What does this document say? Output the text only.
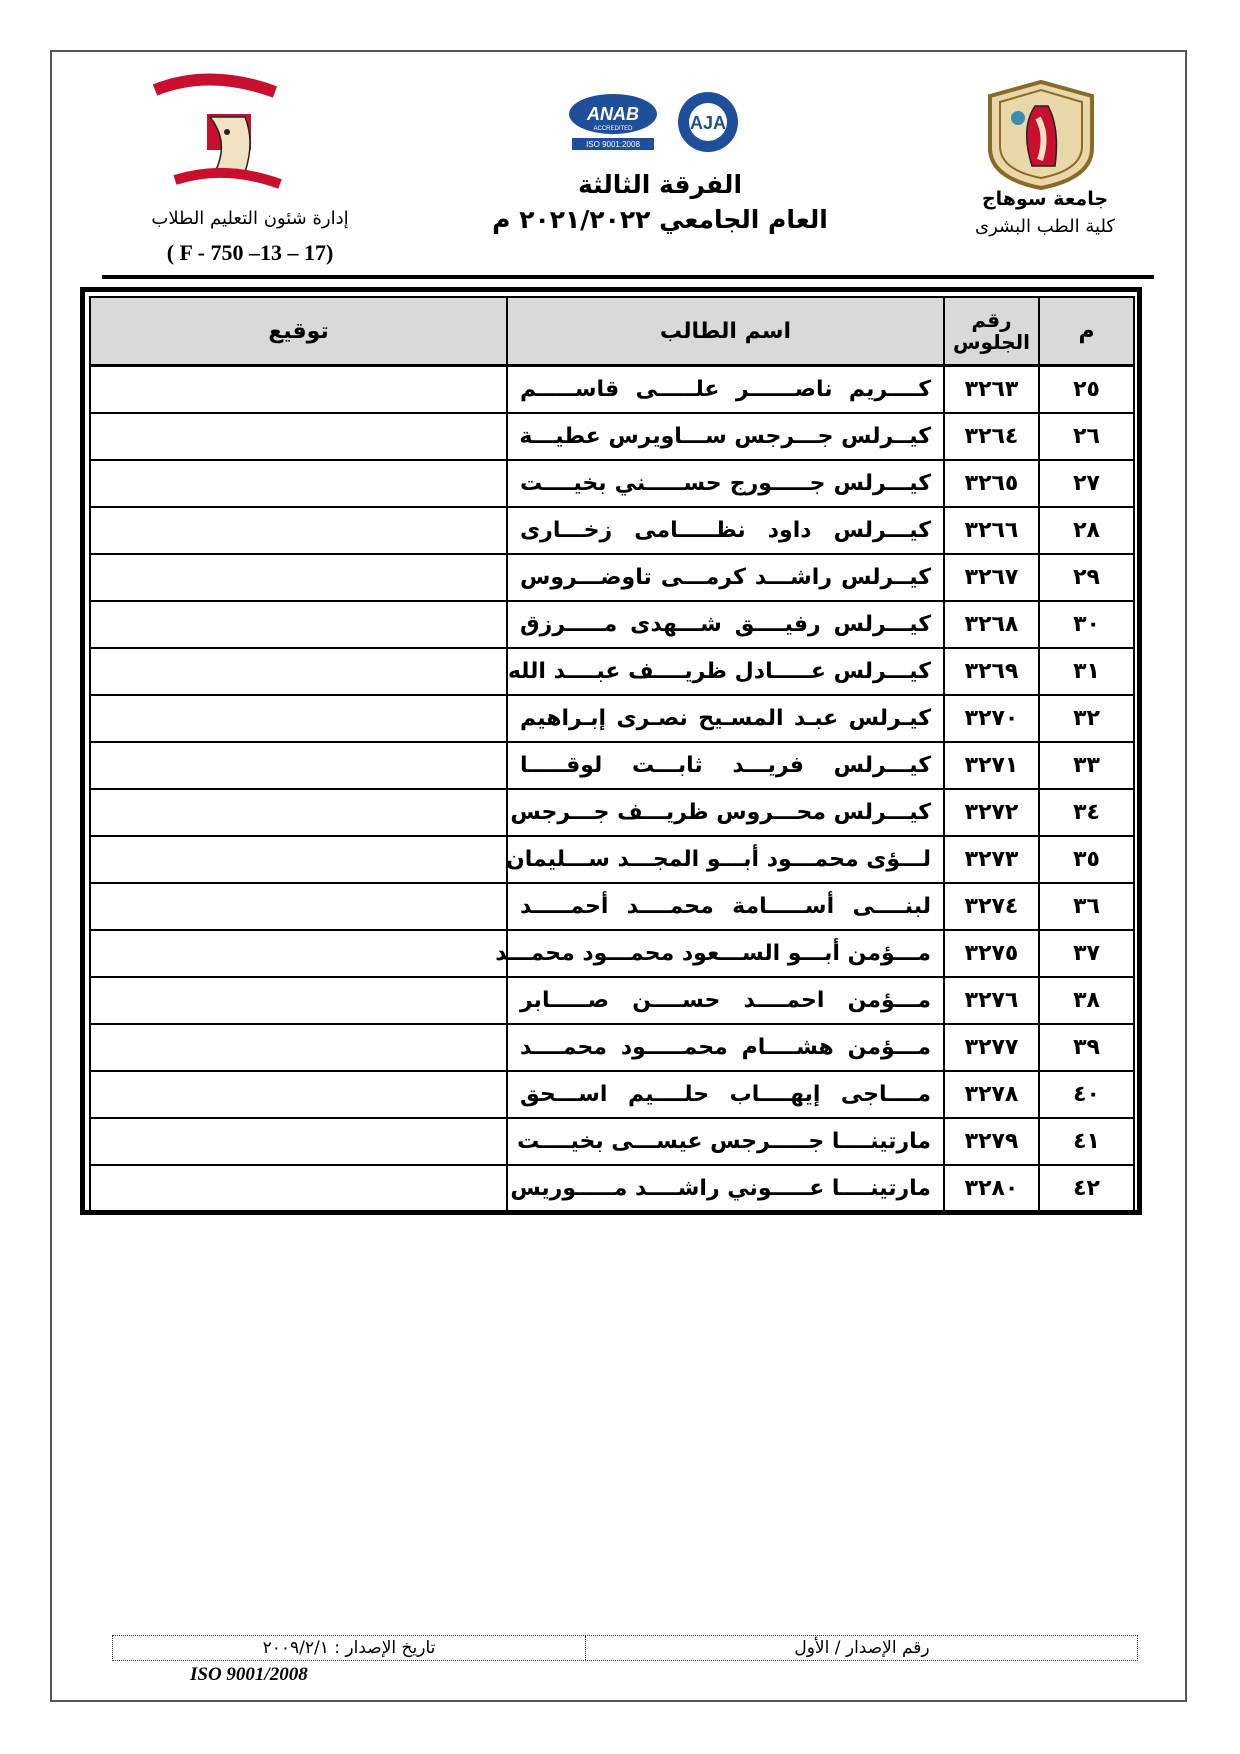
ANAB
ACCREDITED
ISO 9001:2008
AJA
الفرقة الثالثة
العام الجامعي ٢٠٢١/٢٠٢٢ م
إدارة شئون التعليم الطلاب
( F - 750 –13 – 17)
جامعة سوهاج
كلية الطب البشرى
توقيع	اسم الطالب	رقم الجلوس	م
	كــــريم ناصــــــر علـــــى قاســـــم	٣٢٦٣	٢٥
	كيــرلس جـــرجس ســـاويرس عطيـــة	٣٢٦٤	٢٦
	كيـــرلس جـــــورج حســـــني بخيــــت	٣٢٦٥	٢٧
	كيـــرلس داود نظـــــامى زخـــارى	٣٢٦٦	٢٨
	كيــرلس راشـــد كرمـــى تاوضـــروس	٣٢٦٧	٢٩
	كيـــرلس رفيــــق شـــهدى مـــــرزق	٣٢٦٨	٣٠
	كيـــرلس عـــــادل ظريــــف عبــــد الله	٣٢٦٩	٣١
	كيـرلس عبـد المسـيح نصـرى إبـراهيم	٣٢٧٠	٣٢
	كيـــرلس فريـــد ثابـــت لوقـــــا	٣٢٧١	٣٣
	كيـــرلس محـــروس ظريـــف جـــرجس	٣٢٧٢	٣٤
	لـــؤى محمـــود أبـــو المجـــد ســـليمان	٣٢٧٣	٣٥
	لبنــــى أســـــامة محمــــد أحمـــــد	٣٢٧٤	٣٦
	مـــؤمن أبـــو الســـعود محمـــود محمـــد	٣٢٧٥	٣٧
	مـــؤمن احمــــد حســــن صـــــابر	٣٢٧٦	٣٨
	مـــؤمن هشــــام محمـــــود محمــــد	٣٢٧٧	٣٩
	مــــاجى إيهــــاب حلــــيم اســـحق	٣٢٧٨	٤٠
	مارتينــــا جـــــرجس عيســـى بخيــــت	٣٢٧٩	٤١
	مارتينــــا عـــــوني راشــــد مـــــوريس	٣٢٨٠	٤٢
تاريخ الإصدار : ٢٠٠٩/٢/١	رقم الإصدار / الأول
ISO 9001/2008
